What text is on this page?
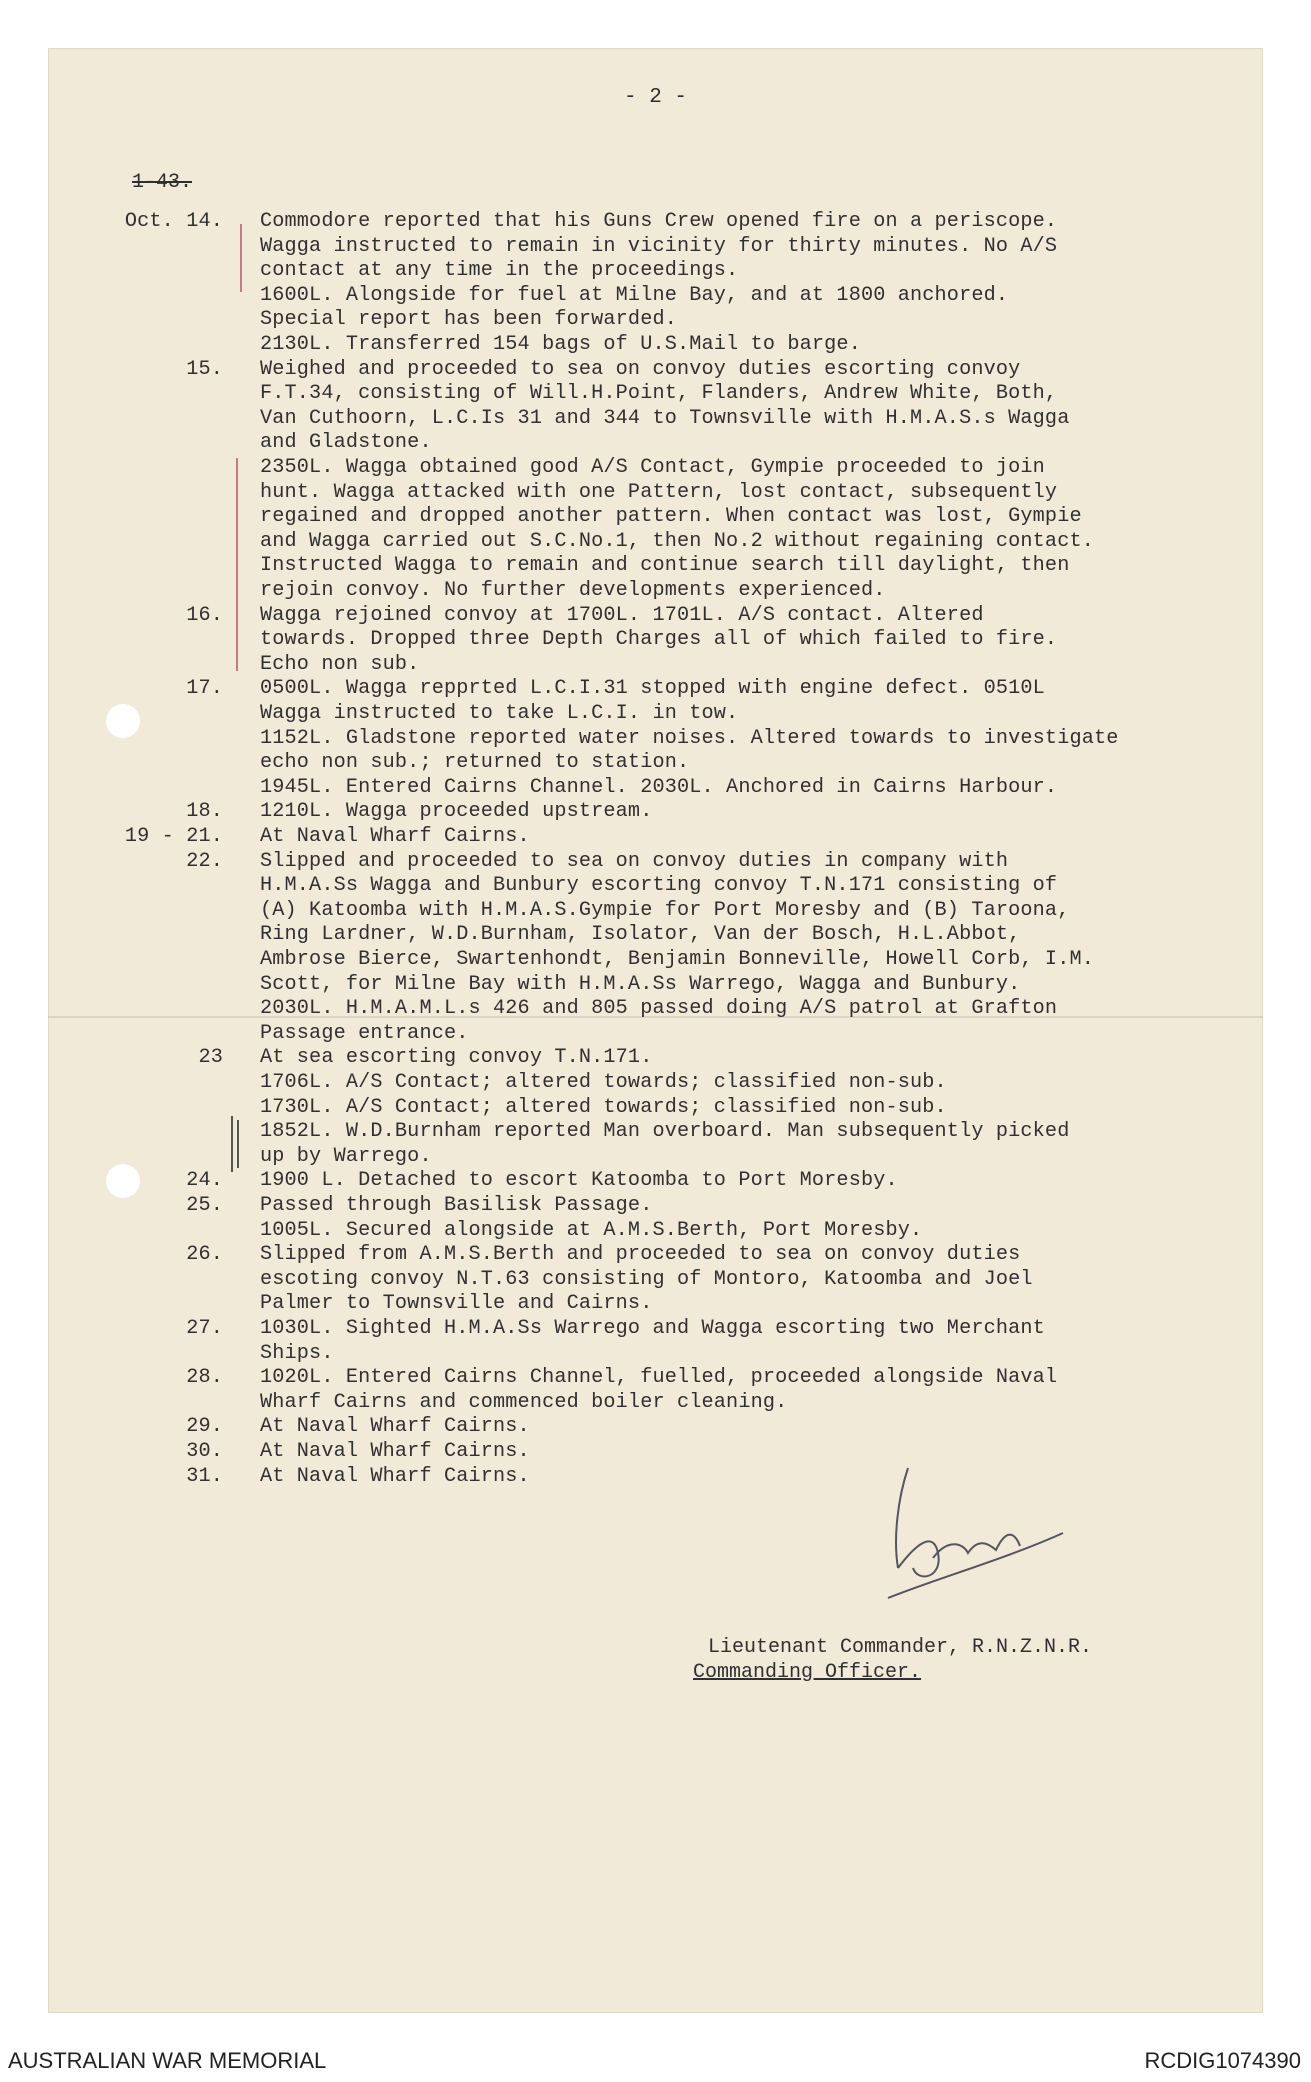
- 2 -
1-43.
Oct. 14. Commodore reported that his Guns Crew opened fire on a periscope.
Wagga instructed to remain in vicinity for thirty minutes. No A/S
contact at any time in the proceedings.
1600L. Alongside for fuel at Milne Bay, and at 1800 anchored.
Special report has been forwarded.
2130L. Transferred 154 bags of U.S.Mail to barge.
15. Weighed and proceeded to sea on convoy duties escorting convoy
F.T.34, consisting of Will.H.Point, Flanders, Andrew White, Both,
Van Cuthoorn, L.C.Is 31 and 344 to Townsville with H.M.A.S.s Wagga
and Gladstone.
2350L. Wagga obtained good A/S Contact, Gympie proceeded to join
hunt. Wagga attacked with one Pattern, lost contact, subsequently
regained and dropped another pattern. When contact was lost, Gympie
and Wagga carried out S.C.No.1, then No.2 without regaining contact.
Instructed Wagga to remain and continue search till daylight, then
rejoin convoy. No further developments experienced.
16. Wagga rejoined convoy at 1700L. 1701L. A/S contact. Altered
towards. Dropped three Depth Charges all of which failed to fire.
Echo non sub.
17. 0500L. Wagga repprted L.C.I.31 stopped with engine defect. 0510L
Wagga instructed to take L.C.I. in tow.
1152L. Gladstone reported water noises. Altered towards to investigate
echo non sub.; returned to station.
1945L. Entered Cairns Channel. 2030L. Anchored in Cairns Harbour.
18. 1210L. Wagga proceeded upstream.
19 - 21. At Naval Wharf Cairns.
22. Slipped and proceeded to sea on convoy duties in company with
H.M.A.Ss Wagga and Bunbury escorting convoy T.N.171 consisting of
(A) Katoomba with H.M.A.S.Gympie for Port Moresby and (B) Taroona,
Ring Lardner, W.D.Burnham, Isolator, Van der Bosch, H.L.Abbot,
Ambrose Bierce, Swartenhondt, Benjamin Bonneville, Howell Corb, I.M.
Scott, for Milne Bay with H.M.A.Ss Warrego, Wagga and Bunbury.
2030L. H.M.A.M.L.s 426 and 805 passed doing A/S patrol at Grafton
Passage entrance.
23 At sea escorting convoy T.N.171.
1706L. A/S Contact; altered towards; classified non-sub.
1730L. A/S Contact; altered towards; classified non-sub.
1852L. W.D.Burnham reported Man overboard. Man subsequently picked
up by Warrego.
24. 1900 L. Detached to escort Katoomba to Port Moresby.
25. Passed through Basilisk Passage.
1005L. Secured alongside at A.M.S.Berth, Port Moresby.
26. Slipped from A.M.S.Berth and proceeded to sea on convoy duties
escoting convoy N.T.63 consisting of Montoro, Katoomba and Joel
Palmer to Townsville and Cairns.
27. 1030L. Sighted H.M.A.Ss Warrego and Wagga escorting two Merchant
Ships.
28. 1020L. Entered Cairns Channel, fuelled, proceeded alongside Naval
Wharf Cairns and commenced boiler cleaning.
29. At Naval Wharf Cairns.
30. At Naval Wharf Cairns.
31. At Naval Wharf Cairns.
Lieutenant Commander, R.N.Z.N.R.
Commanding Officer.
AUSTRALIAN WAR MEMORIAL	RCDIG1074390
